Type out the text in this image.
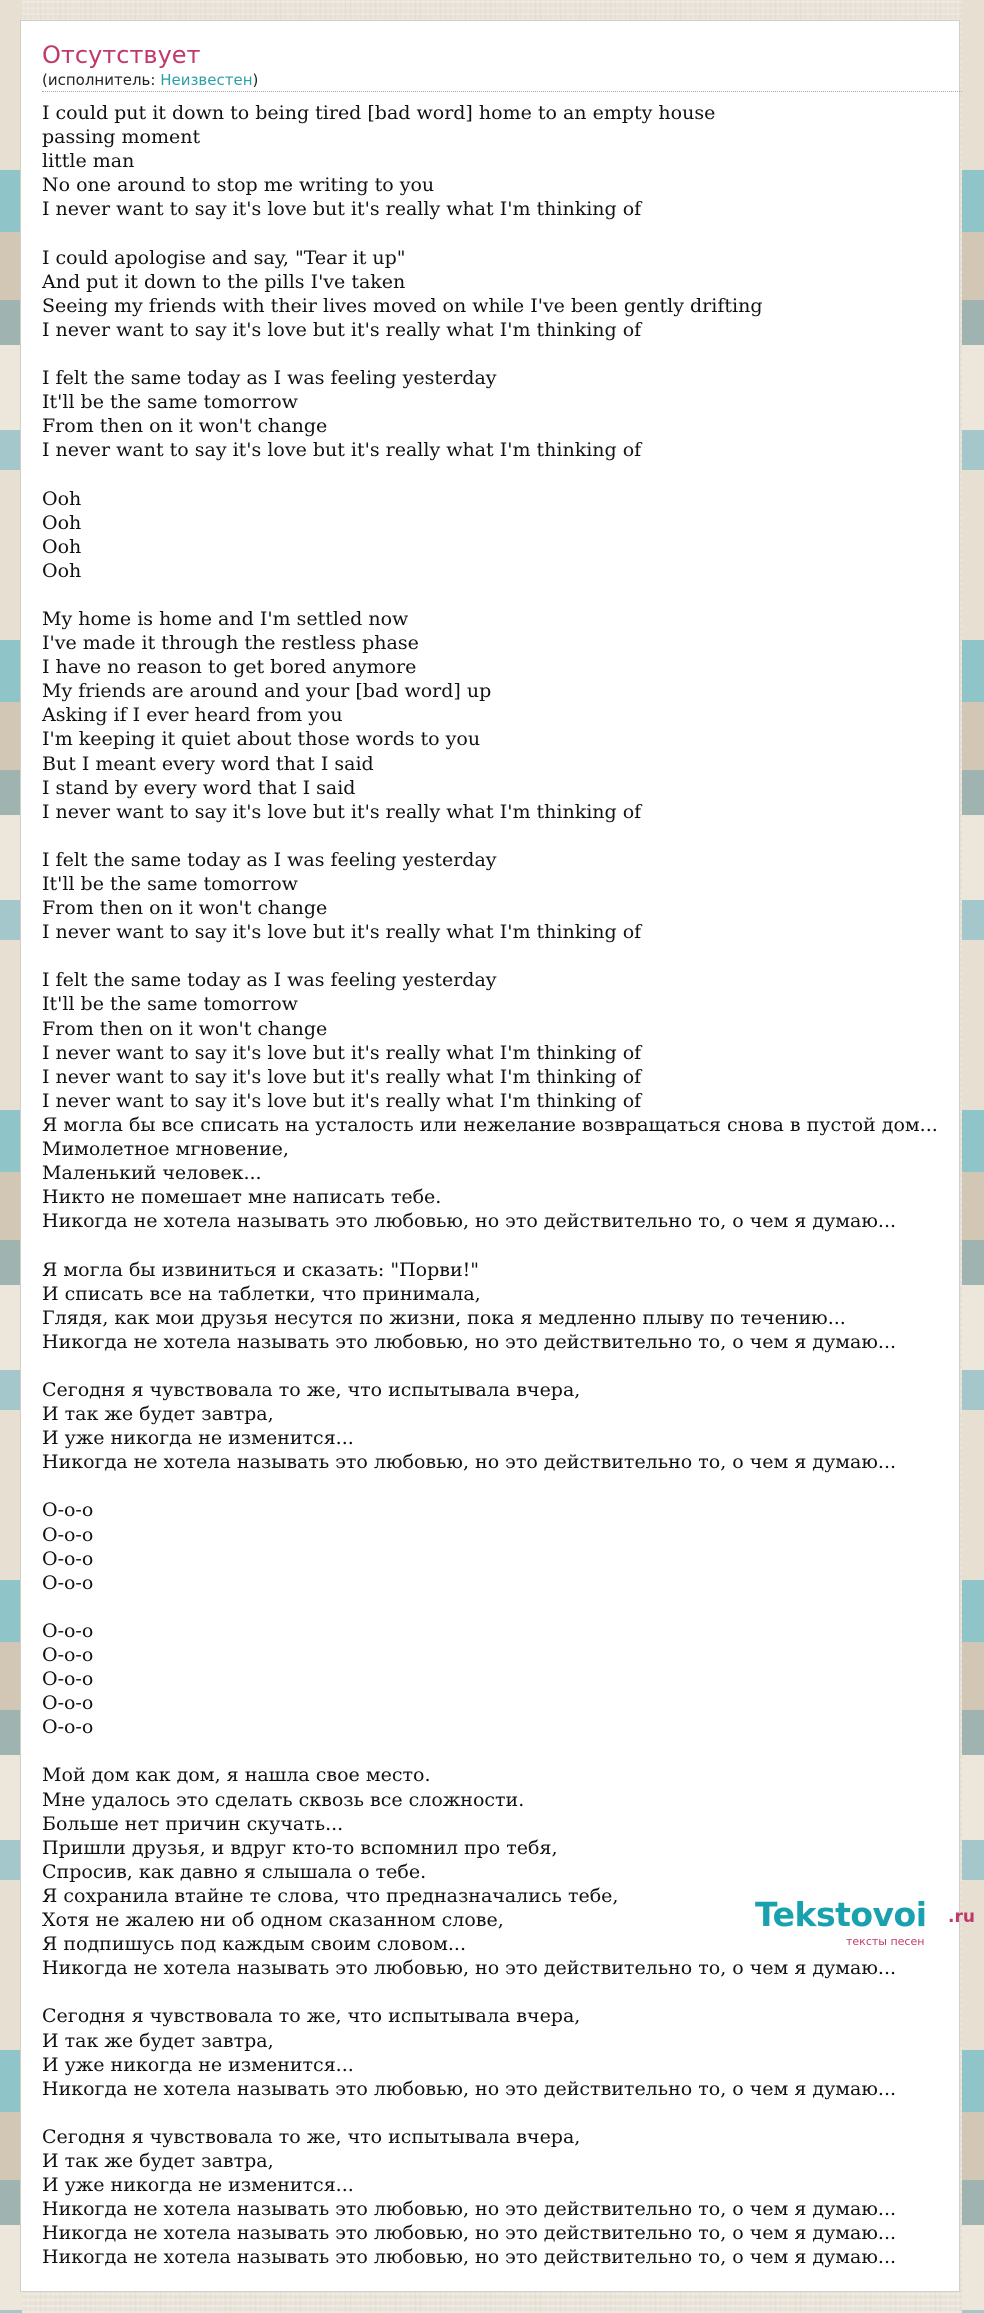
Отсутствует
(исполнитель: Неизвестен)
I could put it down to being tired [bad word] home to an empty house
passing moment
little man
No one around to stop me writing to you
I never want to say it's love but it's really what I'm thinking of

I could apologise and say, "Tear it up"
And put it down to the pills I've taken
Seeing my friends with their lives moved on while I've been gently drifting
I never want to say it's love but it's really what I'm thinking of

I felt the same today as I was feeling yesterday
It'll be the same tomorrow
From then on it won't change
I never want to say it's love but it's really what I'm thinking of

Ooh
Ooh
Ooh
Ooh

My home is home and I'm settled now
I've made it through the restless phase
I have no reason to get bored anymore
My friends are around and your [bad word] up
Asking if I ever heard from you
I'm keeping it quiet about those words to you
But I meant every word that I said
I stand by every word that I said
I never want to say it's love but it's really what I'm thinking of

I felt the same today as I was feeling yesterday
It'll be the same tomorrow
From then on it won't change
I never want to say it's love but it's really what I'm thinking of

I felt the same today as I was feeling yesterday
It'll be the same tomorrow
From then on it won't change
I never want to say it's love but it's really what I'm thinking of
I never want to say it's love but it's really what I'm thinking of
I never want to say it's love but it's really what I'm thinking of
Я могла бы все списать на усталость или нежелание возвращаться снова в пустой дом...
Мимолетное мгновение,
Маленький человек...
Никто не помешает мне написать тебе.
Никогда не хотела называть это любовью, но это действительно то, о чем я думаю...

Я могла бы извиниться и сказать: "Порви!"
И списать все на таблетки, что принимала,
Глядя, как мои друзья несутся по жизни, пока я медленно плыву по течению...
Никогда не хотела называть это любовью, но это действительно то, о чем я думаю...

Сегодня я чувствовала то же, что испытывала вчера,
И так же будет завтра,
И уже никогда не изменится...
Никогда не хотела называть это любовью, но это действительно то, о чем я думаю...

О-о-о
О-о-о
О-о-о
О-о-о

О-о-о
О-о-о
О-о-о
О-о-о
О-о-о

Мой дом как дом, я нашла свое место.
Мне удалось это сделать сквозь все сложности.
Больше нет причин скучать...
Пришли друзья, и вдруг кто-то вспомнил про тебя,
Спросив, как давно я слышала о тебе.
Я сохранила втайне те слова, что предназначались тебе,
Хотя не жалею ни об одном сказанном слове,
Я подпишусь под каждым своим словом...
Никогда не хотела называть это любовью, но это действительно то, о чем я думаю...

Сегодня я чувствовала то же, что испытывала вчера,
И так же будет завтра,
И уже никогда не изменится...
Никогда не хотела называть это любовью, но это действительно то, о чем я думаю...

Сегодня я чувствовала то же, что испытывала вчера,
И так же будет завтра,
И уже никогда не изменится...
Никогда не хотела называть это любовью, но это действительно то, о чем я думаю...
Никогда не хотела называть это любовью, но это действительно то, о чем я думаю...
Никогда не хотела называть это любовью, но это действительно то, о чем я думаю...
Tekstovoi .ru
тексты песен
